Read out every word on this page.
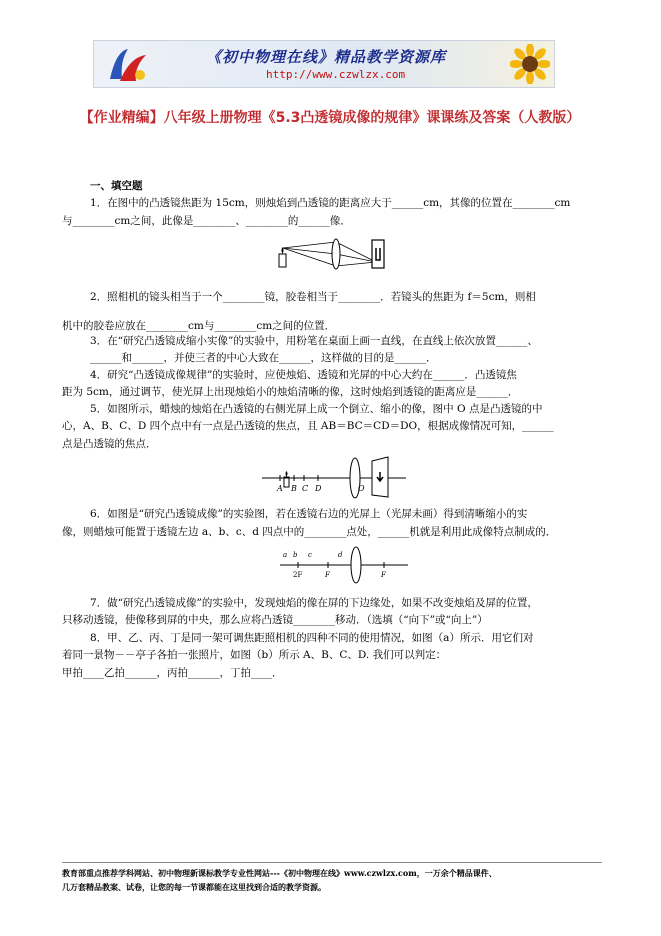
《初中物理在线》精品教学资源库
http://www.czwlzx.com
【作业精编】八年级上册物理《5.3凸透镜成像的规律》课课练及答案（人教版）
一、填空题
1．在图中的凸透镜焦距为 15cm，则烛焰到凸透镜的距离应大于______cm，其像的位置在________cm
与________cm之间，此像是________、________的______像．
2．照相机的镜头相当于一个________镜，胶卷相当于________．若镜头的焦距为 f＝5cm，则相
机中的胶卷应放在________cm与________cm之间的位置．
3．在“研究凸透镜成缩小实像”的实验中，用粉笔在桌面上画一直线，在直线上依次放置______、
______和______，并使三者的中心大致在______，这样做的目的是______．
4．研究“凸透镜成像规律”的实验时，应使烛焰、透镜和光屏的中心大约在______．凸透镜焦
距为 5cm，通过调节，使光屏上出现烛焰小的烛焰清晰的像，这时烛焰到透镜的距离应是______．
5．如图所示，蜡烛的烛焰在凸透镜的右侧光屏上成一个倒立、缩小的像，图中 O 点是凸透镜的中
心，A、B、C、D 四个点中有一点是凸透镜的焦点，且 AB＝BC＝CD＝DO，根据成像情况可知，______
点是凸透镜的焦点．
A B C D	O
6．如图是“研究凸透镜成像”的实验图，若在透镜右边的光屏上（光屏未画）得到清晰缩小的实
像，则蜡烛可能置于透镜左边 a、b、c、d 四点中的________点处，______机就是利用此成像特点制成的．
a b c	d
2F	F	F
7．做“研究凸透镜成像”的实验中，发现烛焰的像在屏的下边缘处，如果不改变烛焰及屏的位置，
只移动透镜，使像移到屏的中央，那么应将凸透镜________移动．（选填（“向下”或“向上”）
8．甲、乙、丙、丁是同一架可调焦距照相机的四种不同的使用情况，如图（a）所示．用它们对
着同一景物－－亭子各拍一张照片，如图（b）所示 A、B、C、D. 我们可以判定：
甲拍____乙拍______，丙拍______，丁拍____．
教育部重点推荐学科网站、初中物理新课标教学专业性网站---《初中物理在线》www.czwlzx.com，一万余个精品课件、
几万套精品教案、试卷，让您的每一节课都能在这里找到合适的教学资源。
